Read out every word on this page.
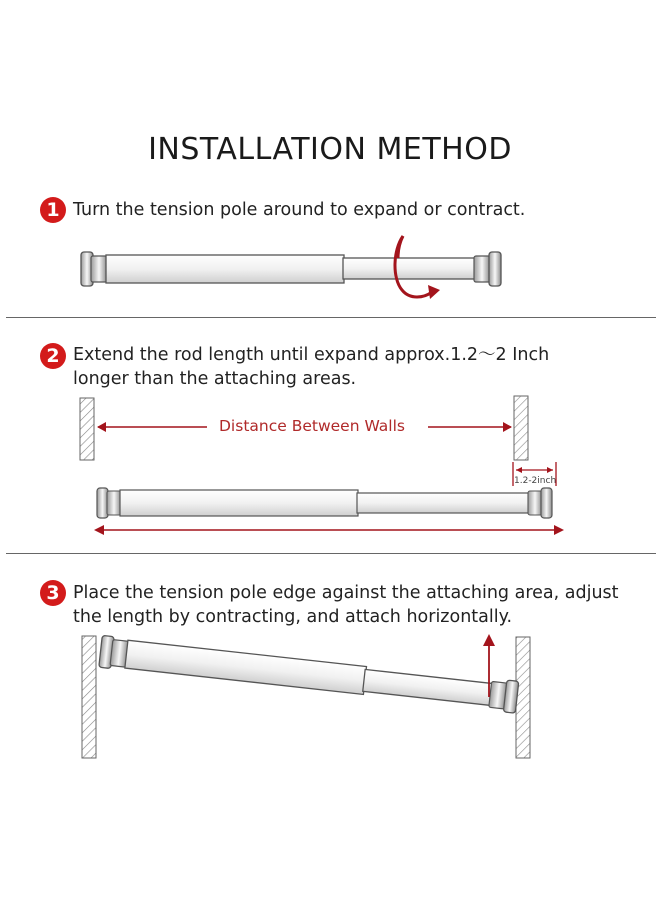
INSTALLATION METHOD
1 Turn the tension pole around to expand or contract.
2 Extend the rod length until expand approx.1.2～2 Inch
longer than the attaching areas.
3 Place the tension pole edge against the attaching area, adjust
the length by contracting, and attach horizontally.
Distance Between Walls
1.2-2inch
